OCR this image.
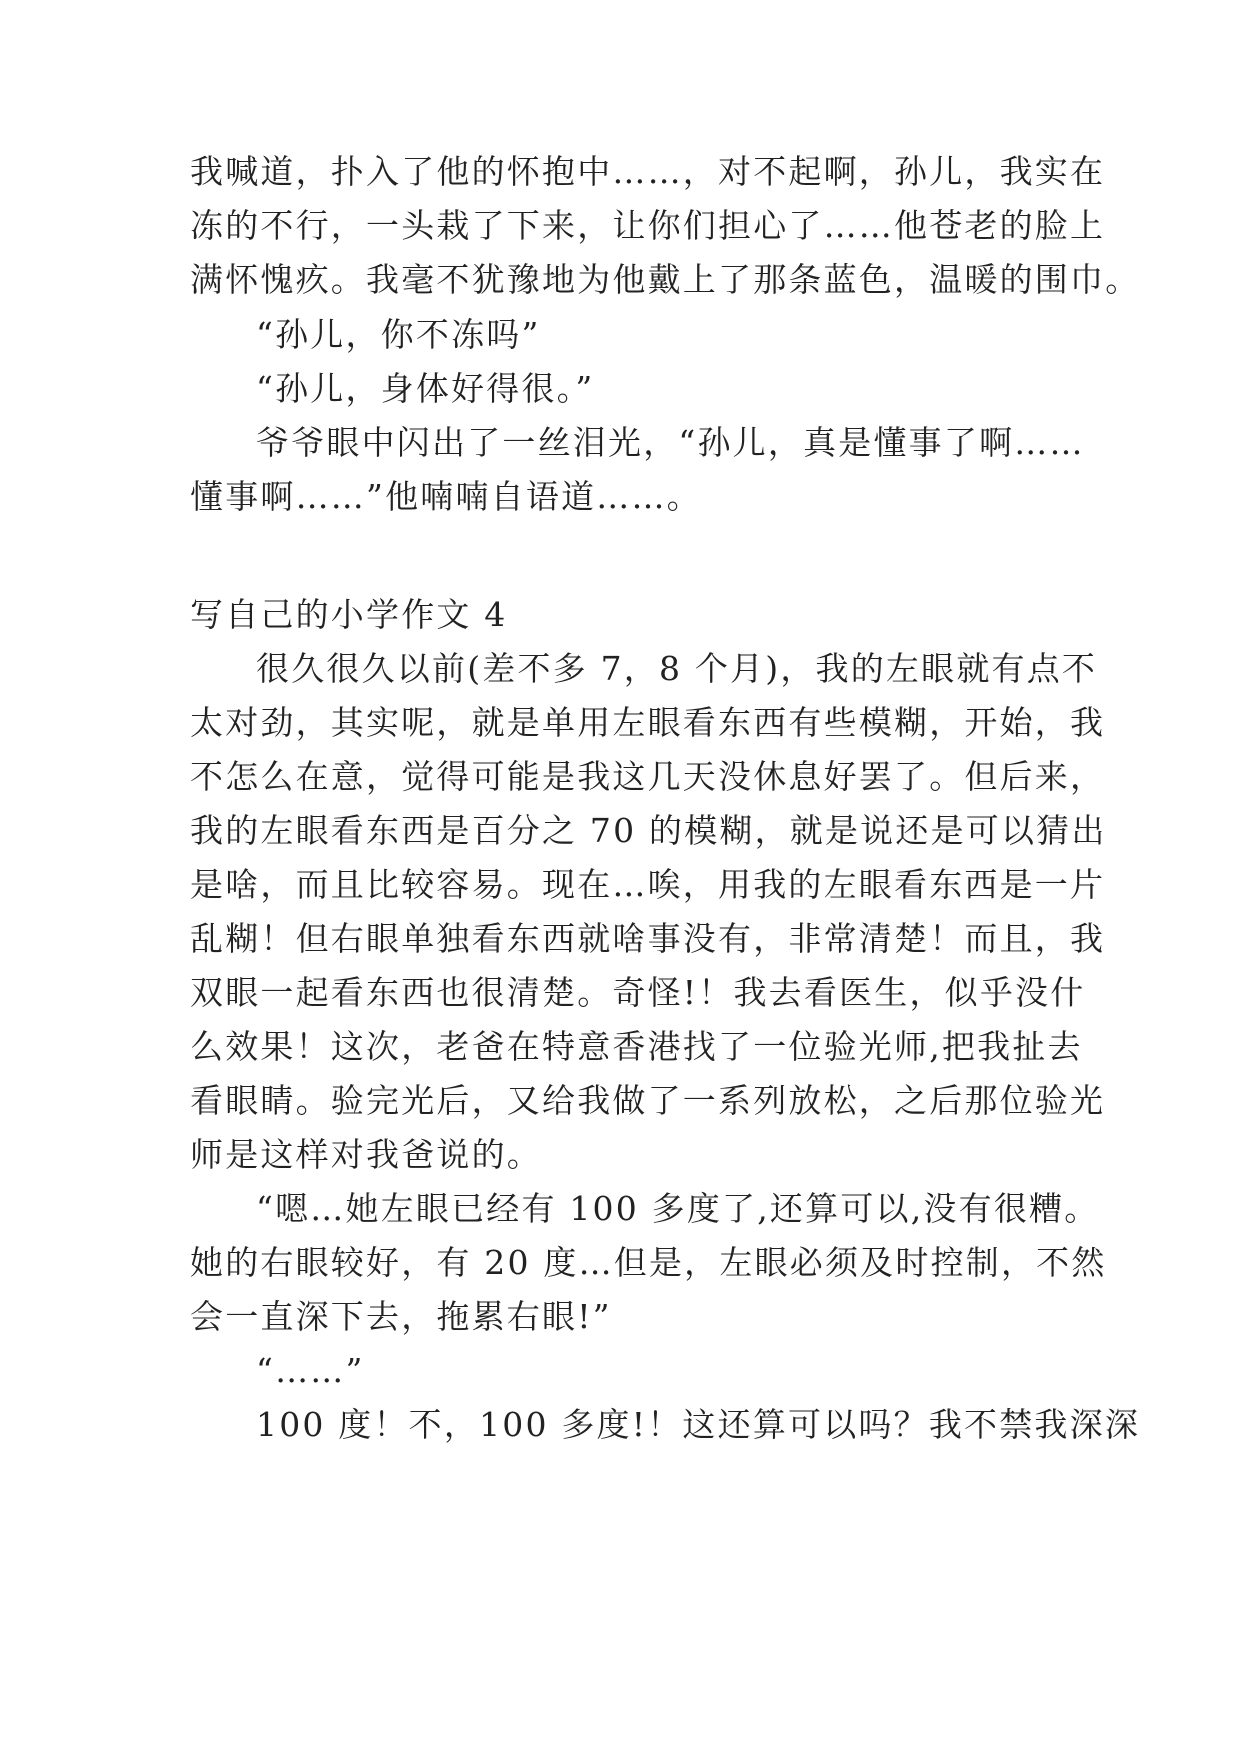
我喊道，扑入了他的怀抱中……，对不起啊，孙儿，我实在
冻的不行，一头栽了下来，让你们担心了……他苍老的脸上
满怀愧疚。我毫不犹豫地为他戴上了那条蓝色，温暖的围巾。
“孙儿，你不冻吗”
“孙儿，身体好得很。”
爷爷眼中闪出了一丝泪光，“孙儿，真是懂事了啊……
懂事啊……”他喃喃自语道……。
写自己的小学作文 4
很久很久以前(差不多 7，8 个月)，我的左眼就有点不
太对劲，其实呢，就是单用左眼看东西有些模糊，开始，我
不怎么在意，觉得可能是我这几天没休息好罢了。但后来，
我的左眼看东西是百分之 70 的模糊，就是说还是可以猜出
是啥，而且比较容易。现在…唉，用我的左眼看东西是一片
乱糊！但右眼单独看东西就啥事没有，非常清楚！而且，我
双眼一起看东西也很清楚。奇怪!！我去看医生，似乎没什
么效果！这次，老爸在特意香港找了一位验光师,把我扯去
看眼睛。验完光后，又给我做了一系列放松，之后那位验光
师是这样对我爸说的。
“嗯…她左眼已经有 100 多度了,还算可以,没有很糟。
她的右眼较好，有 20 度…但是，左眼必须及时控制，不然
会一直深下去，拖累右眼!”
“……”
100 度！不，100 多度!！这还算可以吗？我不禁我深深
